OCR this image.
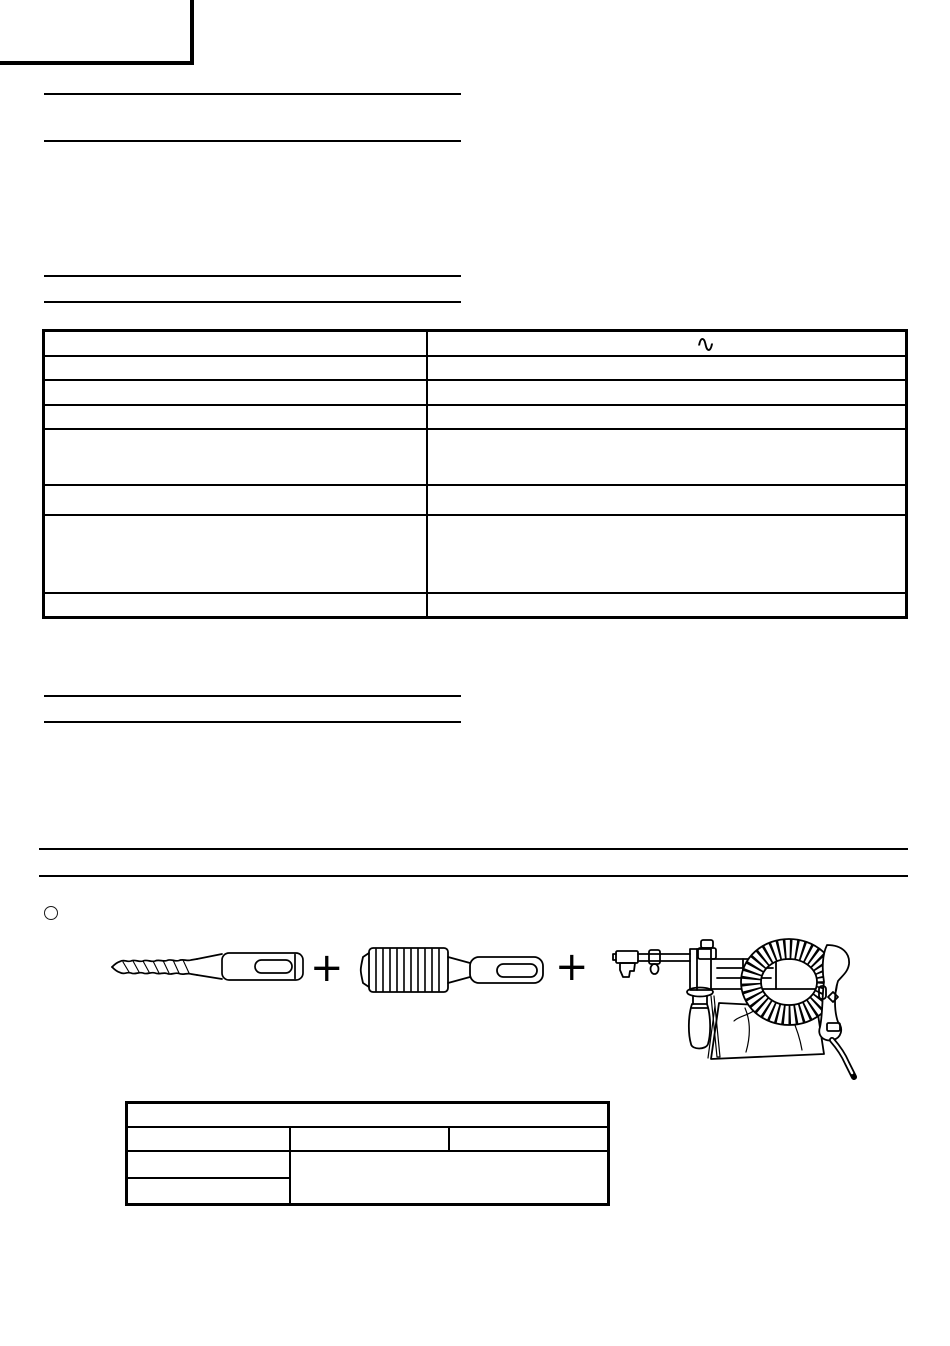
	∿

+	+
